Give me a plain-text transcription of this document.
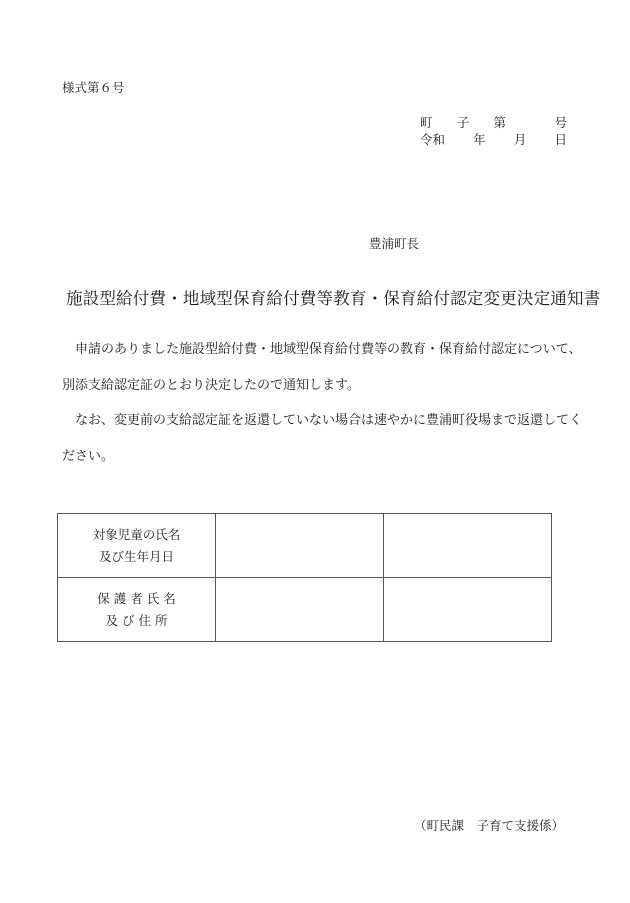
様式第６号
町 子 第	号
令和 年 月 日
豊浦町長
施設型給付費・地域型保育給付費等教育・保育給付認定変更決定通知書
申請のありました施設型給付費・地域型保育給付費等の教育・保育給付認定について、別添支給認定証のとおり決定したので通知します。
なお、変更前の支給認定証を返還していない場合は速やかに豊浦町役場まで返還してください。
対象児童の氏名
及び生年月日		

保 護 者 氏 名
及 び 住 所		

（町民課　子育て支援係）
